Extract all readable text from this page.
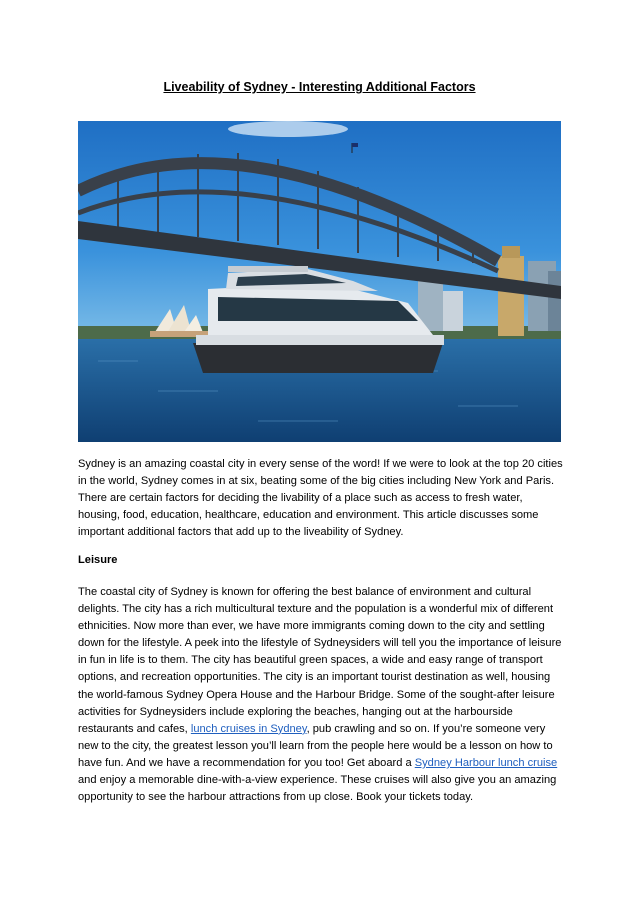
Liveability of Sydney - Interesting Additional Factors
Sydney is an amazing coastal city in every sense of the word! If we were to look at the top 20 cities in the world, Sydney comes in at six, beating some of the big cities including New York and Paris. There are certain factors for deciding the livability of a place such as access to fresh water, housing, food, education, healthcare, education and environment. This article discusses some important additional factors that add up to the liveability of Sydney.
Leisure
The coastal city of Sydney is known for offering the best balance of environment and cultural delights. The city has a rich multicultural texture and the population is a wonderful mix of different ethnicities. Now more than ever, we have more immigrants coming down to the city and settling down for the lifestyle. A peek into the lifestyle of Sydneysiders will tell you the importance of leisure in fun in life is to them. The city has beautiful green spaces, a wide and easy range of transport options, and recreation opportunities. The city is an important tourist destination as well, housing the world-famous Sydney Opera House and the Harbour Bridge. Some of the sought-after leisure activities for Sydneysiders include exploring the beaches, hanging out at the harbourside restaurants and cafes, lunch cruises in Sydney, pub crawling and so on. If you’re someone very new to the city, the greatest lesson you’ll learn from the people here would be a lesson on how to have fun. And we have a recommendation for you too! Get aboard a Sydney Harbour lunch cruise and enjoy a memorable dine-with-a-view experience. These cruises will also give you an amazing opportunity to see the harbour attractions from up close. Book your tickets today.
